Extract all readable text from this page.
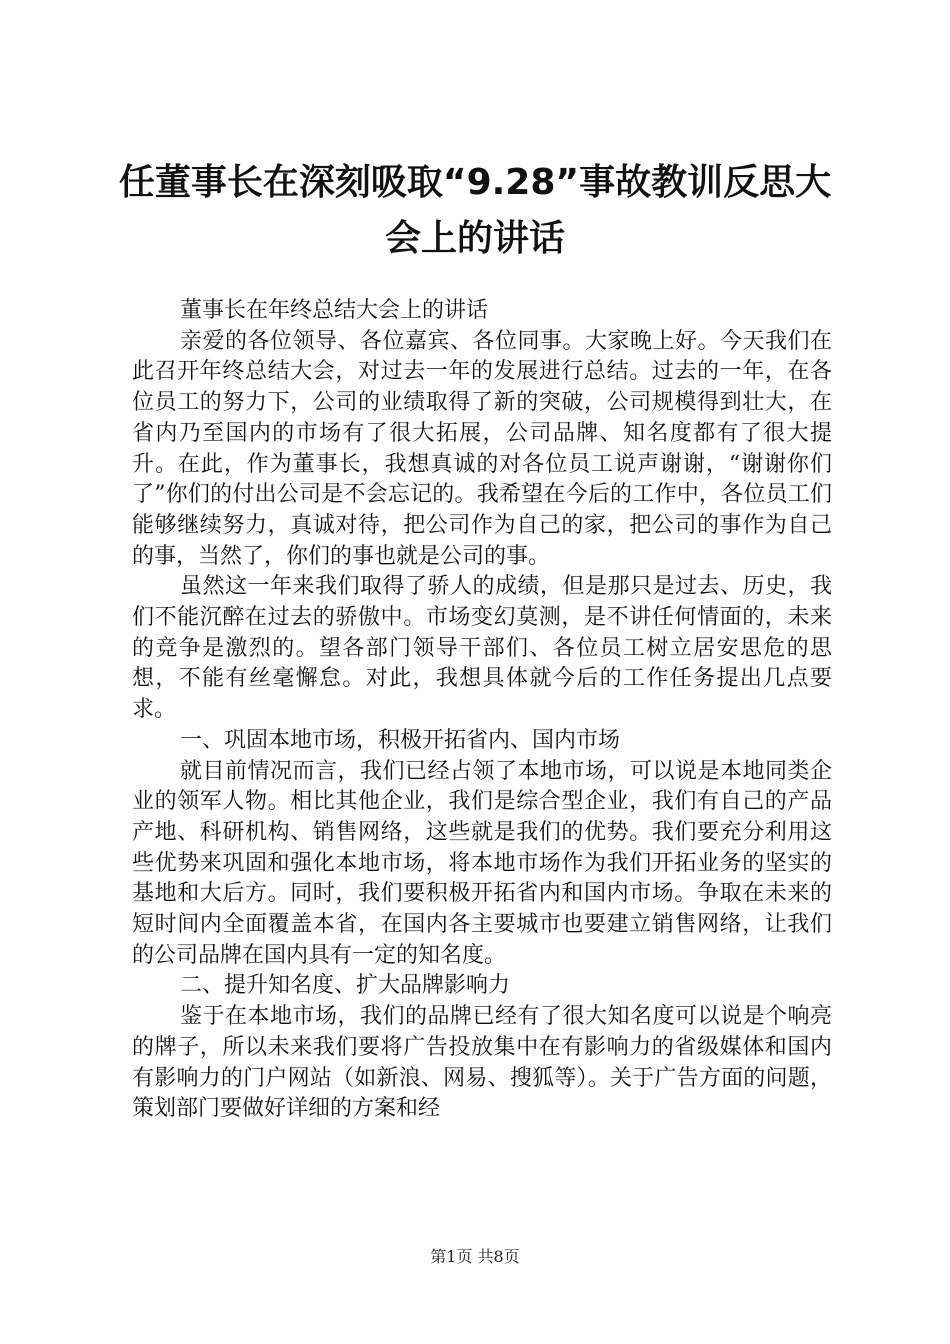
任董事长在深刻吸取“9.28”事故教训反思大会上的讲话

董事长在年终总结大会上的讲话

亲爱的各位领导、各位嘉宾、各位同事。大家晚上好。今天我们在此召开年终总结大会，对过去一年的发展进行总结。过去的一年，在各位员工的努力下，公司的业绩取得了新的突破，公司规模得到壮大，在省内乃至国内的市场有了很大拓展，公司品牌、知名度都有了很大提升。在此，作为董事长，我想真诚的对各位员工说声谢谢，“谢谢你们了”你们的付出公司是不会忘记的。我希望在今后的工作中，各位员工们能够继续努力，真诚对待，把公司作为自己的家，把公司的事作为自己的事，当然了，你们的事也就是公司的事。

虽然这一年来我们取得了骄人的成绩，但是那只是过去、历史，我们不能沉醉在过去的骄傲中。市场变幻莫测，是不讲任何情面的，未来的竞争是激烈的。望各部门领导干部们、各位员工树立居安思危的思想，不能有丝毫懈怠。对此，我想具体就今后的工作任务提出几点要求。

一、巩固本地市场，积极开拓省内、国内市场

就目前情况而言，我们已经占领了本地市场，可以说是本地同类企业的领军人物。相比其他企业，我们是综合型企业，我们有自己的产品产地、科研机构、销售网络，这些就是我们的优势。我们要充分利用这些优势来巩固和强化本地市场，将本地市场作为我们开拓业务的坚实的基地和大后方。同时，我们要积极开拓省内和国内市场。争取在未来的短时间内全面覆盖本省，在国内各主要城市也要建立销售网络，让我们的公司品牌在国内具有一定的知名度。

二、提升知名度、扩大品牌影响力

鉴于在本地市场，我们的品牌已经有了很大知名度可以说是个响亮的牌子，所以未来我们要将广告投放集中在有影响力的省级媒体和国内有影响力的门户网站（如新浪、网易、搜狐等）。关于广告方面的问题，策划部门要做好详细的方案和经

第1页 共8页
